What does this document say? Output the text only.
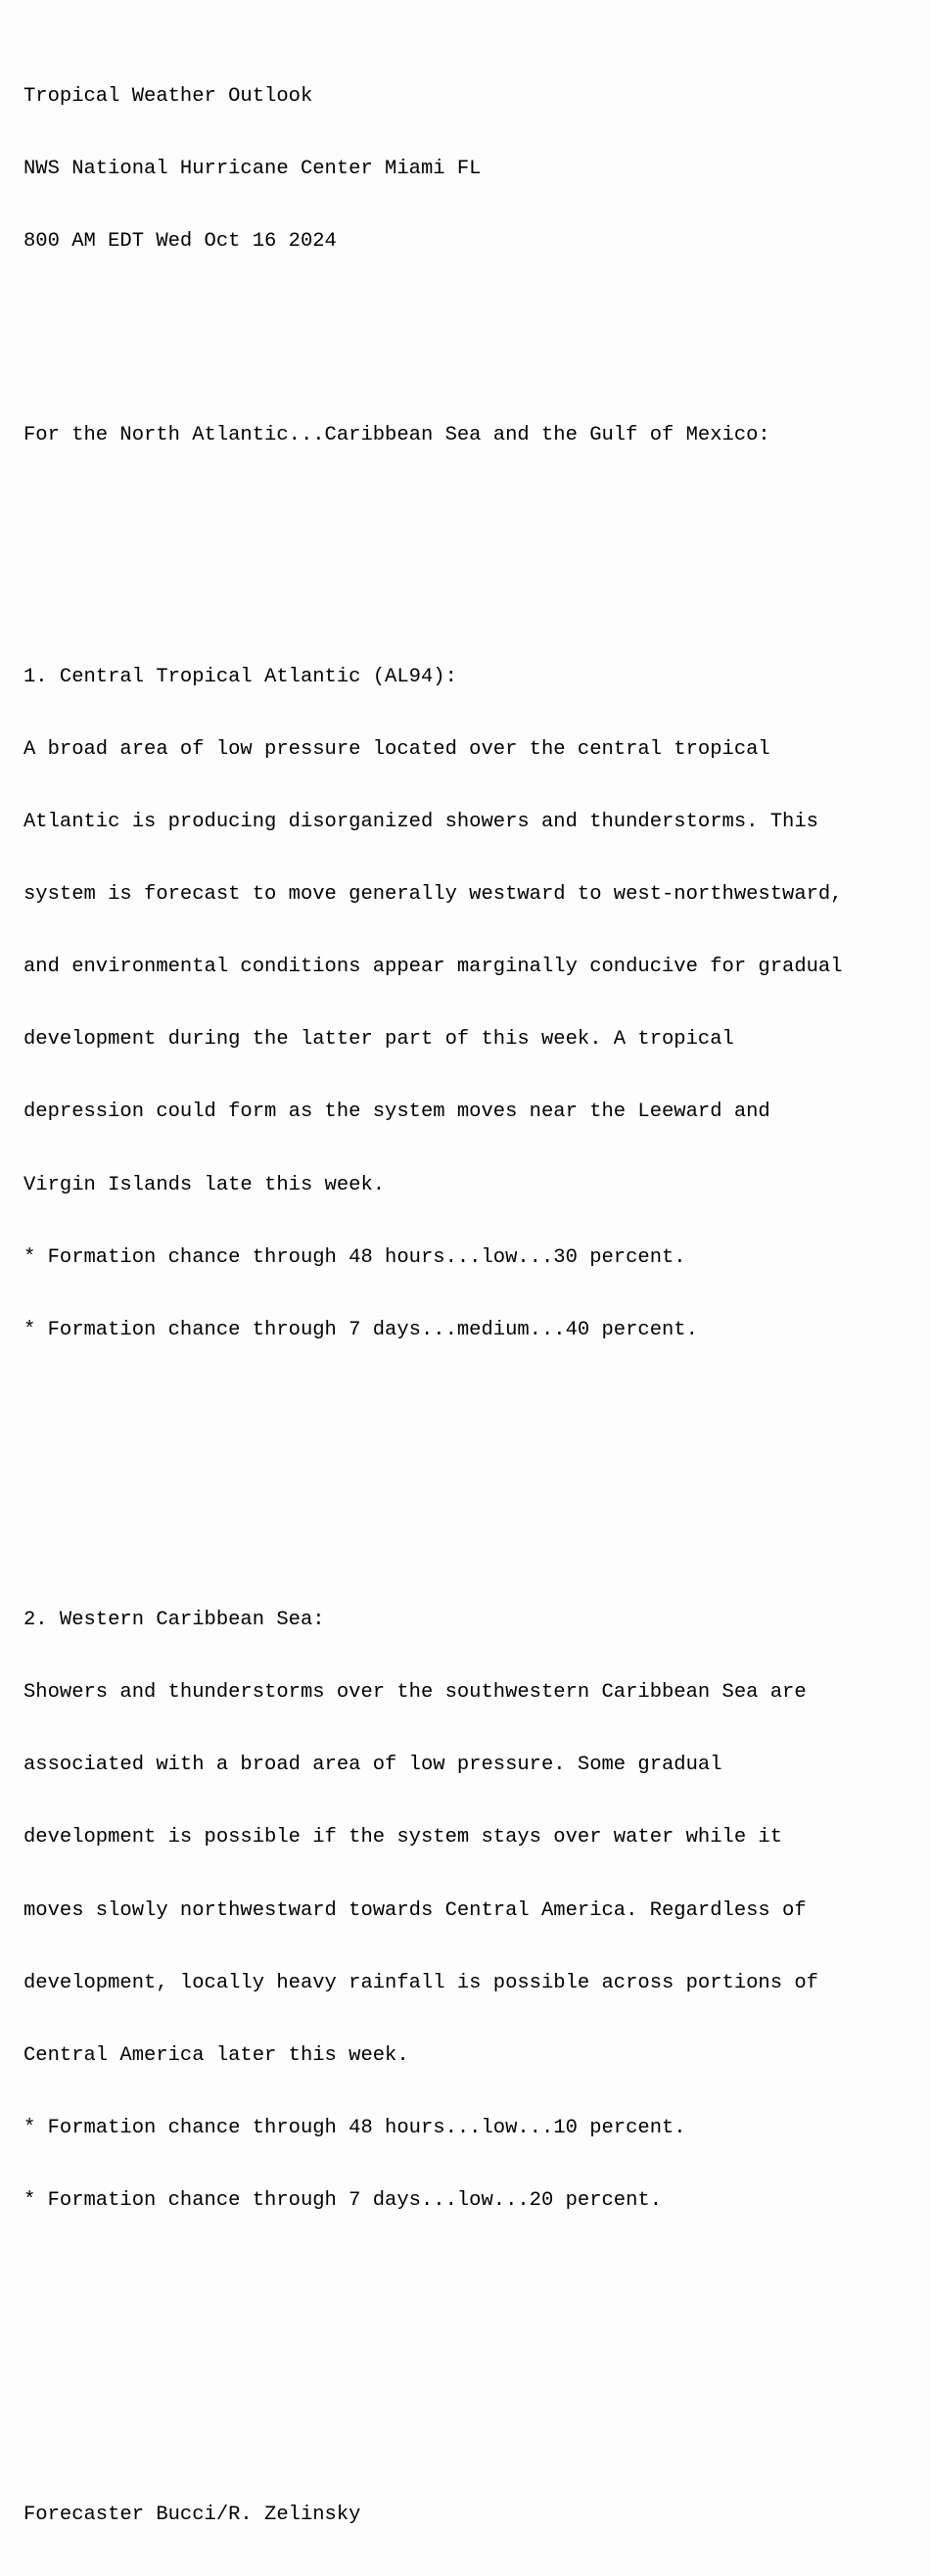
Tropical Weather Outlook

NWS National Hurricane Center Miami FL

800 AM EDT Wed Oct 16 2024

For the North Atlantic...Caribbean Sea and the Gulf of Mexico:

1. Central Tropical Atlantic (AL94):

A broad area of low pressure located over the central tropical

Atlantic is producing disorganized showers and thunderstorms. This

system is forecast to move generally westward to west-northwestward,

and environmental conditions appear marginally conducive for gradual

development during the latter part of this week. A tropical

depression could form as the system moves near the Leeward and

Virgin Islands late this week.

* Formation chance through 48 hours...low...30 percent.

* Formation chance through 7 days...medium...40 percent.

2. Western Caribbean Sea:

Showers and thunderstorms over the southwestern Caribbean Sea are

associated with a broad area of low pressure. Some gradual

development is possible if the system stays over water while it

moves slowly northwestward towards Central America. Regardless of

development, locally heavy rainfall is possible across portions of

Central America later this week.

* Formation chance through 48 hours...low...10 percent.

* Formation chance through 7 days...low...20 percent.

Forecaster Bucci/R. Zelinsky
